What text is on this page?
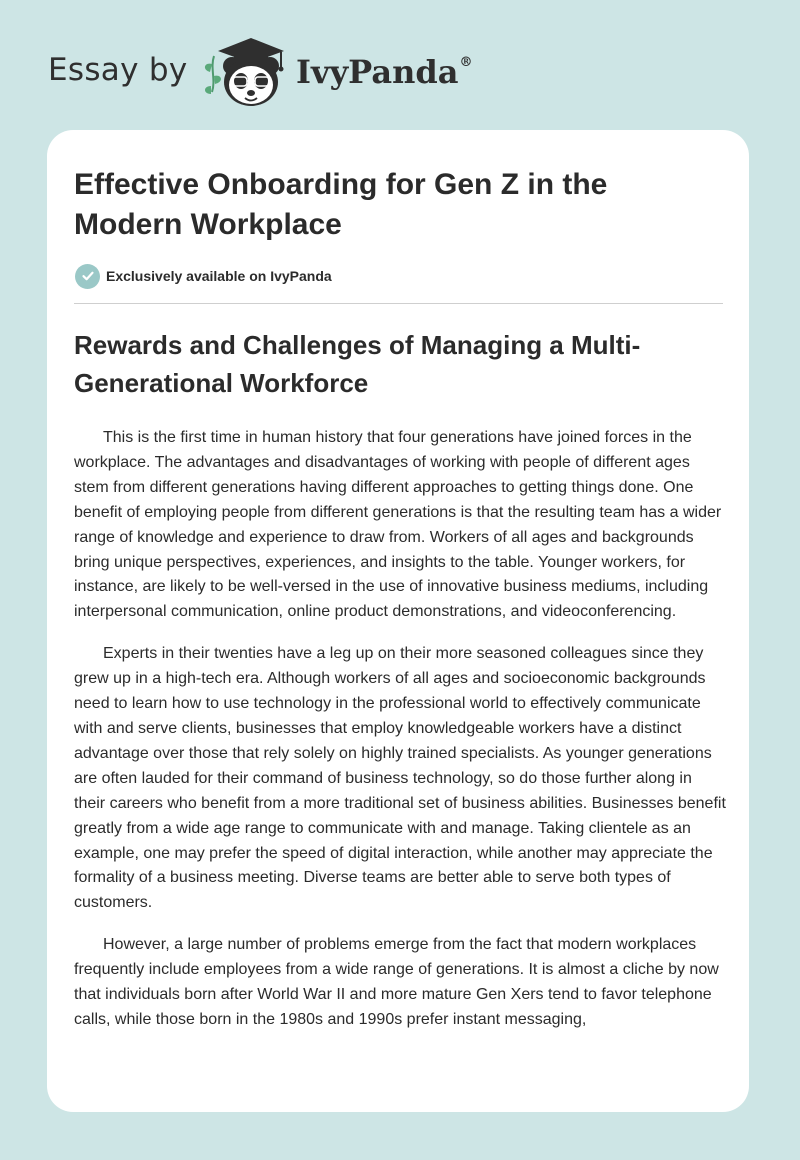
Essay by	IvyPanda®
Effective Onboarding for Gen Z in the Modern Workplace
Exclusively available on IvyPanda
Rewards and Challenges of Managing a Multi-Generational Workforce

This is the first time in human history that four generations have joined forces in the workplace. The advantages and disadvantages of working with people of different ages stem from different generations having different approaches to getting things done. One benefit of employing people from different generations is that the resulting team has a wider range of knowledge and experience to draw from. Workers of all ages and backgrounds bring unique perspectives, experiences, and insights to the table. Younger workers, for instance, are likely to be well-versed in the use of innovative business mediums, including interpersonal communication, online product demonstrations, and videoconferencing.

Experts in their twenties have a leg up on their more seasoned colleagues since they grew up in a high-tech era. Although workers of all ages and socioeconomic backgrounds need to learn how to use technology in the professional world to effectively communicate with and serve clients, businesses that employ knowledgeable workers have a distinct advantage over those that rely solely on highly trained specialists. As younger generations are often lauded for their command of business technology, so do those further along in their careers who benefit from a more traditional set of business abilities. Businesses benefit greatly from a wide age range to communicate with and manage. Taking clientele as an example, one may prefer the speed of digital interaction, while another may appreciate the formality of a business meeting. Diverse teams are better able to serve both types of customers.

However, a large number of problems emerge from the fact that modern workplaces frequently include employees from a wide range of generations. It is almost a cliche by now that individuals born after World War II and more mature Gen Xers tend to favor telephone calls, while those born in the 1980s and 1990s prefer instant messaging,
